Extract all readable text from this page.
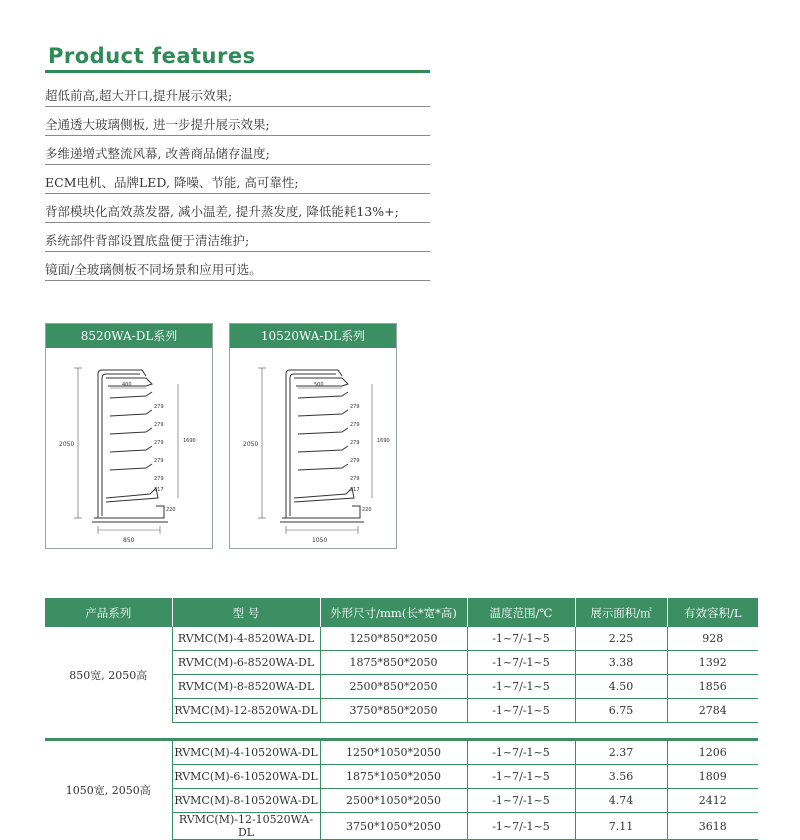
Product features
超低前高,超大开口,提升展示效果;
全通透大玻璃侧板, 进一步提升展示效果;
多维递增式整流风幕, 改善商品储存温度;
ECM电机、品牌LED, 降噪、节能, 高可靠性;
背部模块化高效蒸发器, 减小温差, 提升蒸发度, 降低能耗13%+;
系统部件背部设置底盘便于清洁维护;
镜面/全玻璃侧板不同场景和应用可选。
8520WA-DL系列
2050	1690
400
279
279
279
279
279
317
220
850
10520WA-DL系列
2050	1690
500
279
279
279
279
279
317
220
1050
产品系列	型 号	外形尺寸/mm(长*宽*高)	温度范围/℃	展示面积/㎡	有效容积/L
850宽, 2050高	RVMC(M)-4-8520WA-DL	1250*850*2050	-1~7/-1~5	2.25	928
	RVMC(M)-6-8520WA-DL	1875*850*2050	-1~7/-1~5	3.38	1392
	RVMC(M)-8-8520WA-DL	2500*850*2050	-1~7/-1~5	4.50	1856
	RVMC(M)-12-8520WA-DL	3750*850*2050	-1~7/-1~5	6.75	2784

1050宽, 2050高	RVMC(M)-4-10520WA-DL	1250*1050*2050	-1~7/-1~5	2.37	1206
	RVMC(M)-6-10520WA-DL	1875*1050*2050	-1~7/-1~5	3.56	1809
	RVMC(M)-8-10520WA-DL	2500*1050*2050	-1~7/-1~5	4.74	2412
	RVMC(M)-12-10520WA-DL	3750*1050*2050	-1~7/-1~5	7.11	3618
